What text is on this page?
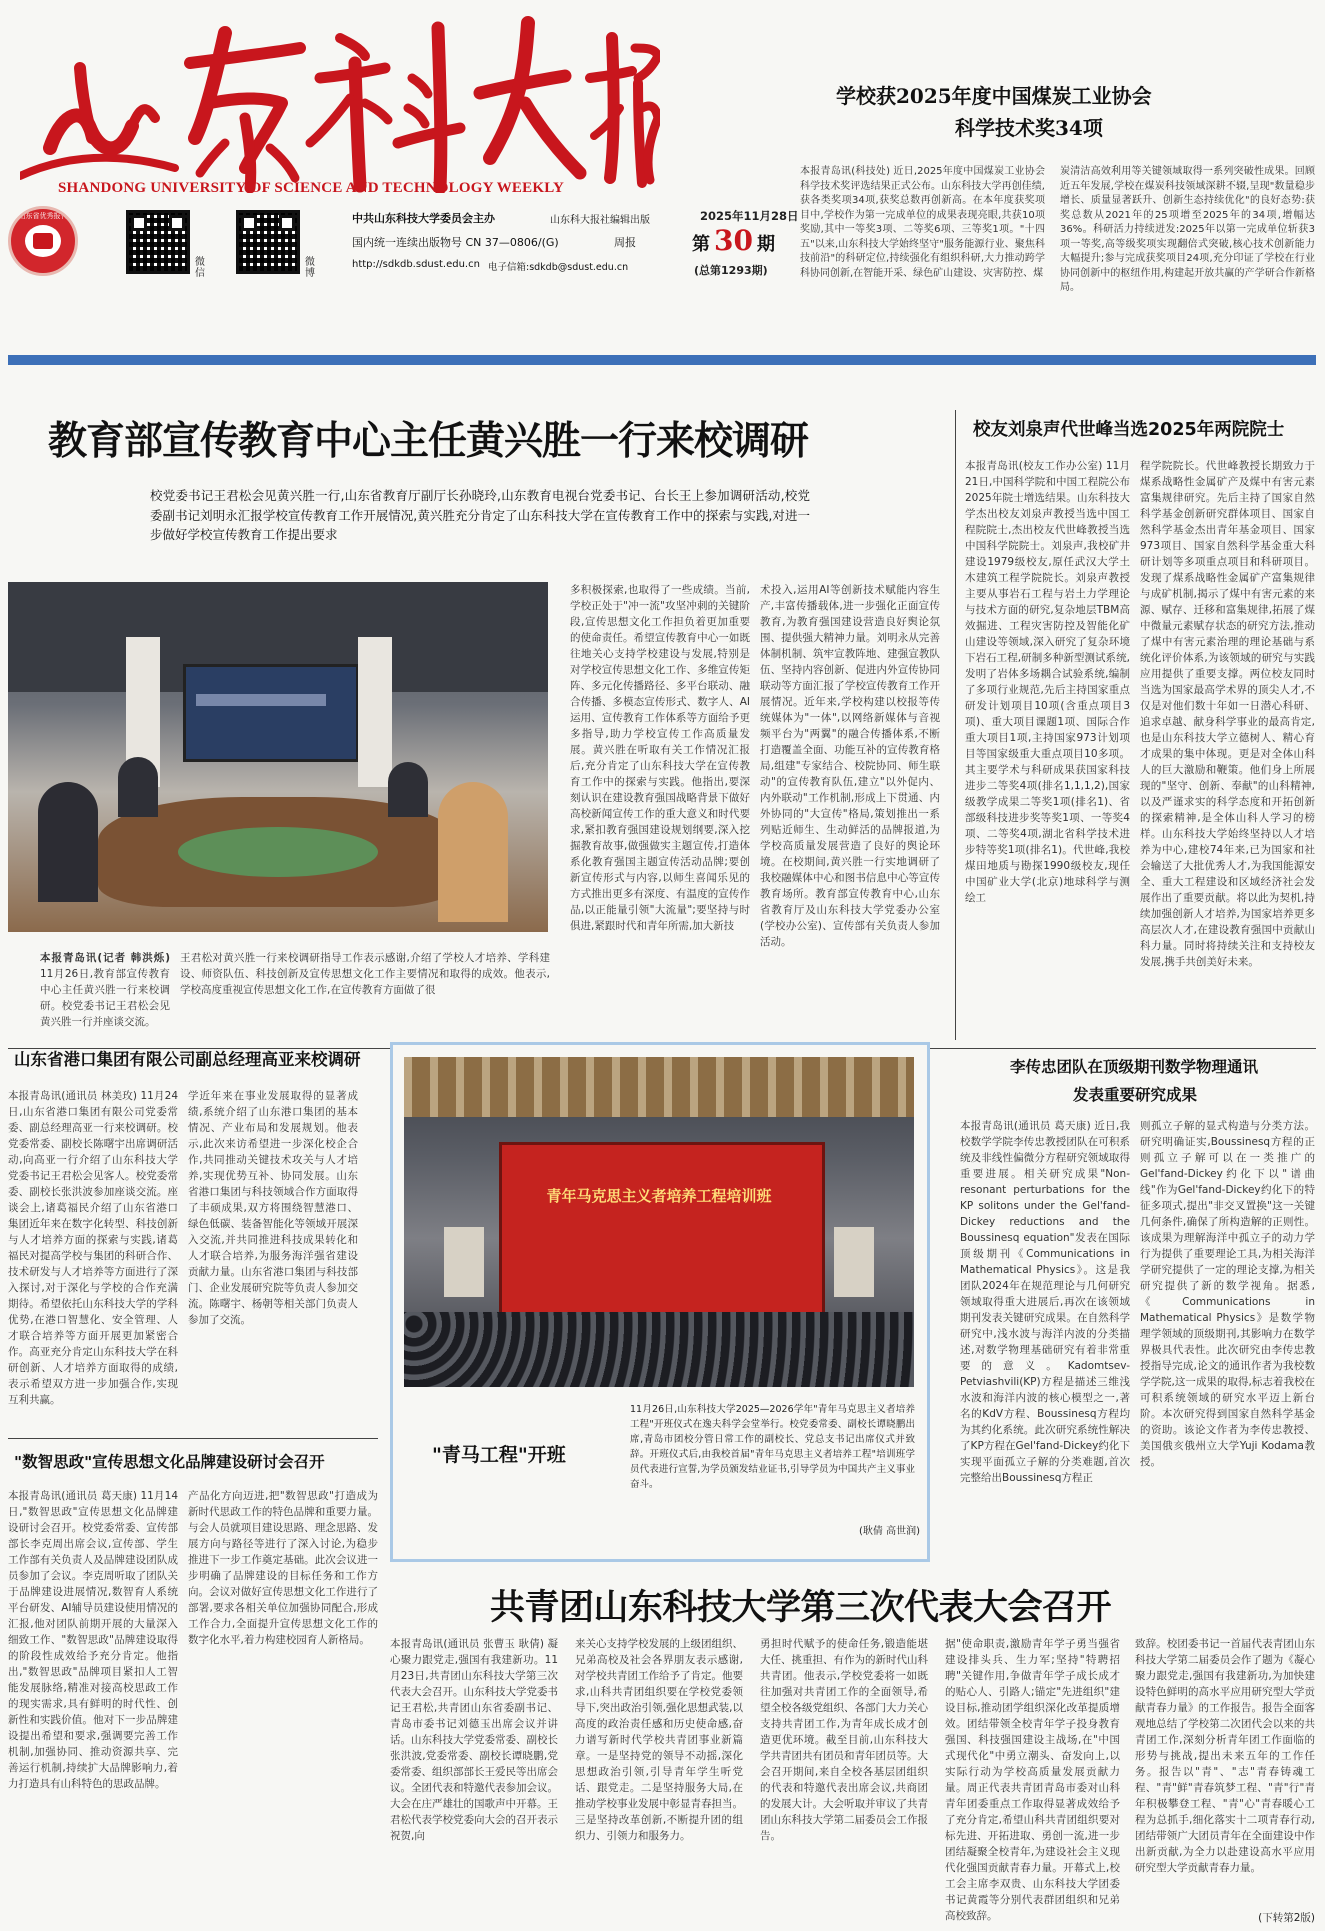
SHANDONG UNIVERSITY OF SCIENCE AND TECHNOLOGY WEEKLY
山东省优秀报刊
微信
微博
中共山东科技大学委员会主办	山东科大报社编辑出版
国内统一连续出版物号 CN 37—0806/(G)	周报
http://sdkdb.sdust.edu.cn 电子信箱:sdkdb@sdust.edu.cn
2025年11月28日
第 30 期
(总第1293期)
学校获2025年度中国煤炭工业协会
科学技术奖34项
本报青岛讯(科技处) 近日,2025年度中国煤炭工业协会科学技术奖评选结果正式公布。山东科技大学再创佳绩,获各类奖项34项,获奖总数再创新高。在本年度获奖项目中,学校作为第一完成单位的成果表现亮眼,共获10项奖励,其中一等奖3项、二等奖6项、三等奖1项。"十四五"以来,山东科技大学始终坚守"服务能源行业、聚焦科技前沿"的科研定位,持续强化有组织科研,大力推动跨学科协同创新,在智能开采、绿色矿山建设、灾害防控、煤
炭清洁高效利用等关键领域取得一系列突破性成果。回顾近五年发展,学校在煤炭科技领域深耕不辍,呈现"数量稳步增长、质量显著跃升、创新生态持续优化"的良好态势:获奖总数从2021年的25项增至2025年的34项,增幅达36%。科研活力持续迸发:2025年以第一完成单位斩获3项一等奖,高等级奖项实现翻倍式突破,核心技术创新能力大幅提升;参与完成获奖项目24项,充分印证了学校在行业协同创新中的枢纽作用,构建起开放共赢的产学研合作新格局。
教育部宣传教育中心主任黄兴胜一行来校调研
校党委书记王君松会见黄兴胜一行,山东省教育厅副厅长孙晓玲,山东教育电视台党委书记、台长王上参加调研活动,校党委副书记刘明永汇报学校宣传教育工作开展情况,黄兴胜充分肯定了山东科技大学在宣传教育工作中的探索与实践,对进一步做好学校宣传教育工作提出要求
本报青岛讯(记者 韩洪烁) 11月26日,教育部宣传教育中心主任黄兴胜一行来校调研。校党委书记王君松会见黄兴胜一行并座谈交流。
王君松对黄兴胜一行来校调研指导工作表示感谢,介绍了学校人才培养、学科建设、师资队伍、科技创新及宣传思想文化工作主要情况和取得的成效。他表示,学校高度重视宣传思想文化工作,在宣传教育方面做了很
多积极探索,也取得了一些成绩。当前,学校正处于"冲一流"攻坚冲刺的关键阶段,宣传思想文化工作担负着更加重要的使命责任。希望宣传教育中心一如既往地关心支持学校建设与发展,特别是对学校宣传思想文化工作、多维宣传矩阵、多元化传播路径、多平台联动、融合传播、多模态宣传形式、数字人、AI运用、宣传教育工作体系等方面给予更多指导,助力学校宣传工作高质量发展。黄兴胜在听取有关工作情况汇报后,充分肯定了山东科技大学在宣传教育工作中的探索与实践。他指出,要深刻认识在建设教育强国战略背景下做好高校新闻宣传工作的重大意义和时代要求,紧扣教育强国建设规划纲要,深入挖掘教育故事,做强做实主题宣传,打造体系化教育强国主题宣传活动品牌;要创新宣传形式与内容,以师生喜闻乐见的方式推出更多有深度、有温度的宣传作品,以正能量引领"大流量";要坚持与时俱进,紧跟时代和青年所需,加大新技
术投入,运用AI等创新技术赋能内容生产,丰富传播载体,进一步强化正面宣传教育,为教育强国建设营造良好舆论氛围、提供强大精神力量。刘明永从完善体制机制、筑牢宣教阵地、建强宣教队伍、坚持内容创新、促进内外宣传协同联动等方面汇报了学校宣传教育工作开展情况。近年来,学校构建以校报等传统媒体为"一体",以网络新媒体与音视频平台为"两翼"的融合传播体系,不断打造覆盖全面、功能互补的宣传教育格局,组建"专家结合、校院协同、师生联动"的宣传教育队伍,建立"以外促内、内外联动"工作机制,形成上下贯通、内外协同的"大宣传"格局,策划推出一系列贴近师生、生动鲜活的品牌报道,为学校高质量发展营造了良好的舆论环境。在校期间,黄兴胜一行实地调研了我校融媒体中心和图书信息中心等宣传教育场所。教育部宣传教育中心,山东省教育厅及山东科技大学党委办公室(学校办公室)、宣传部有关负责人参加活动。
校友刘泉声代世峰当选2025年两院院士
本报青岛讯(校友工作办公室) 11月21日,中国科学院和中国工程院公布2025年院士增选结果。山东科技大学杰出校友刘泉声教授当选中国工程院院士,杰出校友代世峰教授当选中国科学院院士。刘泉声,我校矿井建设1979级校友,原任武汉大学土木建筑工程学院院长。刘泉声教授主要从事岩石工程与岩土力学理论与技术方面的研究,复杂地层TBM高效掘进、工程灾害防控及智能化矿山建设等领域,深入研究了复杂环境下岩石工程,研制多种新型测试系统,发明了岩体多场耦合试验系统,编制了多项行业规范,先后主持国家重点研发计划项目10项(含重点项目3项)、重大项目课题1项、国际合作重大项目1项,主持国家973计划项目等国家级重大重点项目10多项。其主要学术与科研成果获国家科技进步二等奖4项(排名1,1,1,2),国家级教学成果二等奖1项(排名1)、省部级科技进步奖等奖1项、一等奖4项、二等奖4项,湖北省科学技术进步特等奖1项(排名1)。代世峰,我校煤田地质与勘探1990级校友,现任中国矿业大学(北京)地球科学与测绘工
程学院院长。代世峰教授长期致力于煤系战略性金属矿产及煤中有害元素富集规律研究。先后主持了国家自然科学基金创新研究群体项目、国家自然科学基金杰出青年基金项目、国家973项目、国家自然科学基金重大科研计划等多项重点项目和科研项目。发现了煤系战略性金属矿产富集规律与成矿机制,揭示了煤中有害元素的来源、赋存、迁移和富集规律,拓展了煤中微量元素赋存状态的研究方法,推动了煤中有害元素治理的理论基础与系统化评价体系,为该领域的研究与实践应用提供了重要支撑。两位校友同时当选为国家最高学术界的顶尖人才,不仅是对他们数十年如一日潜心科研、追求卓越、献身科学事业的最高肯定,也是山东科技大学立德树人、精心育才成果的集中体现。更是对全体山科人的巨大激励和鞭策。他们身上所展现的"坚守、创新、奉献"的山科精神,以及严谨求实的科学态度和开拓创新的探索精神,是全体山科人学习的榜样。山东科技大学始终坚持以人才培养为中心,建校74年来,已为国家和社会输送了大批优秀人才,为我国能源安全、重大工程建设和区域经济社会发展作出了重要贡献。将以此为契机,持续加强创新人才培养,为国家培养更多高层次人才,在建设教育强国中贡献山科力量。同时将持续关注和支持校友发展,携手共创美好未来。
山东省港口集团有限公司副总经理高亚来校调研
本报青岛讯(通讯员 林美玫) 11月24日,山东省港口集团有限公司党委常委、副总经理高亚一行来校调研。校党委常委、副校长陈曙宇出席调研活动,向高亚一行介绍了山东科技大学党委书记王君松会见客人。校党委常委、副校长张洪波参加座谈交流。座谈会上,诸葛福民介绍了山东省港口集团近年来在数字化转型、科技创新与人才培养方面的探索与实践,诸葛福民对提高学校与集团的科研合作、技术研发与人才培养等方面进行了深入探讨,对于深化与学校的合作充满期待。希望依托山东科技大学的学科优势,在港口智慧化、安全管理、人才联合培养等方面开展更加紧密合作。高亚充分肯定山东科技大学在科研创新、人才培养方面取得的成绩,表示希望双方进一步加强合作,实现互利共赢。
学近年来在事业发展取得的显著成绩,系统介绍了山东港口集团的基本情况、产业布局和发展规划。他表示,此次来访希望进一步深化校企合作,共同推动关键技术攻关与人才培养,实现优势互补、协同发展。山东省港口集团与科技领域合作方面取得了丰硕成果,双方将围绕智慧港口、绿色低碳、装备智能化等领域开展深入交流,并共同推进科技成果转化和人才联合培养,为服务海洋强省建设贡献力量。山东省港口集团与科技部门、企业发展研究院等负责人参加交流。陈曙宇、杨朝等相关部门负责人参加了交流。
青年马克思主义者培养工程培训班
"青马工程"开班
11月26日,山东科技大学2025—2026学年"青年马克思主义者培养工程"开班仪式在逸夫科学会堂举行。校党委常委、副校长谭晓鹏出席,青岛市团校分管日常工作的副校长、党总支书记出席仪式并致辞。开班仪式后,由我校首届"青年马克思主义者培养工程"培训班学员代表进行宣誓,为学员颁发结业证书,引导学员为中国共产主义事业奋斗。
(耿倩 高世润)
李传忠团队在顶级期刊数学物理通讯
发表重要研究成果
本报青岛讯(通讯员 葛天康) 近日,我校数学学院李传忠教授团队在可积系统及非线性偏微分方程研究领域取得重要进展。相关研究成果"Non-resonant perturbations for the KP solitons under the Gel'fand-Dickey reductions and the Boussinesq equation"发表在国际顶级期刊《Communications in Mathematical Physics》。这是我团队2024年在规范理论与几何研究领域取得重大进展后,再次在该领域期刊发表关键研究成果。在自然科学研究中,浅水波与海洋内波的分类描述,对数学物理基础研究有着非常重要的意义。Kadomtsev-Petviashvili(KP)方程是描述三维浅水波和海洋内波的核心模型之一,著名的KdV方程、Boussinesq方程均为其约化系统。此次研究系统性解决了KP方程在Gel'fand-Dickey约化下实现平面孤立子解的分类难题,首次完整给出Boussinesq方程正
则孤立子解的显式构造与分类方法。研究明确证实,Boussinesq方程的正则孤立子解可以在一类推广的Gel'fand-Dickey约化下以"谱曲线"作为Gel'fand-Dickey约化下的特征多项式,提出"非交叉置换"这一关键几何条件,确保了所构造解的正则性。该成果为理解海洋中孤立子的动力学行为提供了重要理论工具,为相关海洋学研究提供了一定的理论支撑,为相关研究提供了新的数学视角。据悉,《Communications in Mathematical Physics》是数学物理学领域的顶级期刊,其影响力在数学界极具代表性。此次研究由李传忠教授指导完成,论文的通讯作者为我校数学学院,这一成果的取得,标志着我校在可积系统领域的研究水平迈上新台阶。本次研究得到国家自然科学基金的资助。该论文作者为李传忠教授、美国俄亥俄州立大学Yuji Kodama教授。
"数智思政"宣传思想文化品牌建设研讨会召开
本报青岛讯(通讯员 葛天康) 11月14日,"数智思政"宣传思想文化品牌建设研讨会召开。校党委常委、宣传部部长李克周出席会议,宣传部、学生工作部有关负责人及品牌建设团队成员参加了会议。李克周听取了团队关于品牌建设进展情况,数智育人系统平台研发、AI辅导员建设使用情况的汇报,他对团队前期开展的大量深入细致工作、"数智思政"品牌建设取得的阶段性成效给予充分肯定。他指出,"数智思政"品牌项目紧扣人工智能发展脉络,精准对接高校思政工作的现实需求,具有鲜明的时代性、创新性和实践价值。他对下一步品牌建设提出希望和要求,强调要完善工作机制,加强协同、推动资源共享、完善运行机制,持续扩大品牌影响力,着力打造具有山科特色的思政品牌。
产品化方向迈进,把"数智思政"打造成为新时代思政工作的特色品牌和重要力量。与会人员就项目建设思路、理念思路、发展方向与路径等进行了深入讨论,为稳步推进下一步工作奠定基础。此次会议进一步明确了品牌建设的目标任务和工作方向。会议对做好宣传思想文化工作进行了部署,要求各相关单位加强协同配合,形成工作合力,全面提升宣传思想文化工作的数字化水平,着力构建校园育人新格局。
共青团山东科技大学第三次代表大会召开
本报青岛讯(通讯员 张曹玉 耿倩) 凝心聚力跟党走,强国有我建新功。11月23日,共青团山东科技大学第三次代表大会召开。山东科技大学党委书记王君松,共青团山东省委副书记、青岛市委书记刘德玉出席会议并讲话。山东科技大学党委常委、副校长张洪波,党委常委、副校长谭晓鹏,党委常委、组织部部长王爱民等出席会议。全团代表和特邀代表参加会议。大会在庄严雄壮的国歌声中开幕。王君松代表学校党委向大会的召开表示祝贺,向
来关心支持学校发展的上级团组织、兄弟高校及社会各界朋友表示感谢,对学校共青团工作给予了肯定。他要求,山科共青团组织要在学校党委领导下,突出政治引领,强化思想武装,以高度的政治责任感和历史使命感,奋力谱写新时代学校共青团事业新篇章。一是坚持党的领导不动摇,深化思想政治引领,引导青年学生听党话、跟党走。二是坚持服务大局,在推动学校事业发展中彰显青春担当。三是坚持改革创新,不断提升团的组织力、引领力和服务力。
勇担时代赋予的使命任务,锻造能堪大任、挑重担、有作为的新时代山科共青团。他表示,学校党委将一如既往加强对共青团工作的全面领导,希望全校各级党组织、各部门大力关心支持共青团工作,为青年成长成才创造更优环境。截至目前,山东科技大学共青团共有团员和青年团员等。大会召开期间,来自全校各基层团组织的代表和特邀代表出席会议,共商团的发展大计。大会听取并审议了共青团山东科技大学第二届委员会工作报告。
据"使命职责,激励青年学子勇当强省建设排头兵、生力军;坚持"特聘招聘"关键作用,争做青年学子成长成才的贴心人、引路人;锚定"先进组织"建设目标,推动团学组织深化改革提质增效。团结带领全校青年学子投身教育强国、科技强国建设主战场,在"中国式现代化"中勇立潮头、奋发向上,以实际行动为学校高质量发展贡献力量。周正代表共青团青岛市委对山科青年团委重点工作取得显著成效给予了充分肯定,希望山科共青团组织要对标先进、开拓进取、勇创一流,进一步团结凝聚全校青年,为建设社会主义现代化强国贡献青春力量。开幕式上,校工会主席李双贵、山东科技大学团委书记黄霞等分别代表群团组织和兄弟高校致辞。
致辞。校团委书记一首届代表青团山东科技大学第二届委员会作了题为《凝心聚力跟党走,强国有我建新功,为加快建设特色鲜明的高水平应用研究型大学贡献青春力量》的工作报告。报告全面客观地总结了学校第二次团代会以来的共青团工作,深刻分析青年团工作面临的形势与挑战,提出未来五年的工作任务。报告以"青"、"志"青春铸魂工程、"青"鲜"青春筑梦工程、"青"行"青年积极攀登工程、"青"心"青春暖心工程为总抓手,细化落实十二项青春行动,团结带领广大团员青年在全面建设中作出新贡献,为全力以赴建设高水平应用研究型大学贡献青春力量。
(下转第2版)
